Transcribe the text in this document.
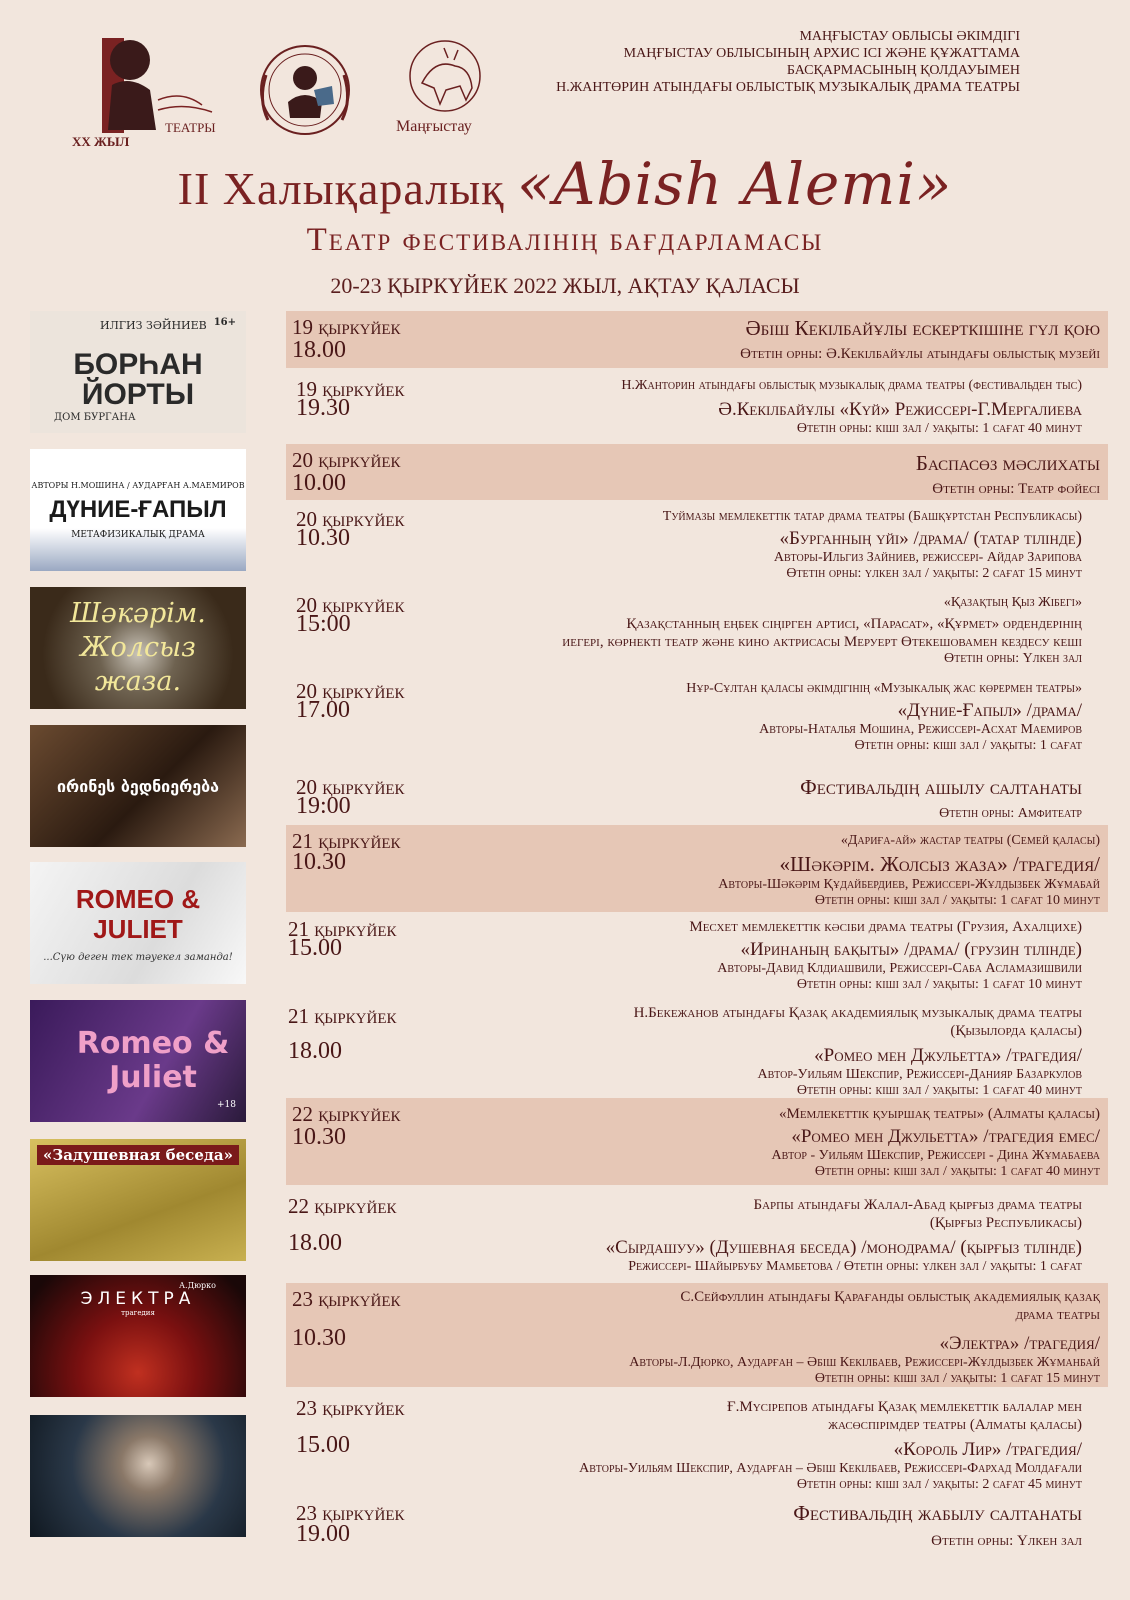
МАҢҒЫСТАУ ОБЛЫСЫ ӘКІМДІГІ
МАҢҒЫСТАУ ОБЛЫСЫНЫҢ АРХИС ІСІ ЖӘНЕ ҚҰЖАТТАМА
БАСҚАРМАСЫНЫҢ ҚОЛДАУЫМЕН
Н.ЖАНТӨРИН АТЫНДАҒЫ ОБЛЫСТЫҚ МУЗЫКАЛЫҚ ДРАМА ТЕАТРЫ
XX ЖЫЛ
ТЕАТРЫ	Маңғыстау
II Халықаралық «Abish Alemi»
Театр фестивалінің бағдарламасы
20-23 ҚЫРКҮЙЕК 2022 ЖЫЛ, АҚТАУ ҚАЛАСЫ
ИЛГИЗ ЗӘЙНИЕВ 16+
БОРҺАН ЙОРТЫ
ДОМ БУРГАНА
АВТОРЫ Н.МОШИНА / АУДАРҒАН А.МАЕМИРОВ
ДҮНИЕ-ҒАПЫЛ
МЕТАФИЗИКАЛЫҚ ДРАМА
Шәкәрім. Жолсыз жаза.
ირინეს ბედნიერება
ROMEO & JULIET
...Сүю деген тек тәуекел заманда!
Romeo & Juliet
+18
«Задушевная беседа»
А.Дюрко
ЭЛЕКТРА
трагедия
19 қыркүйек
18.00
Әбіш Кекілбайұлы ескерткішіне гүл қою
Өтетін орны: Ә.Кекілбайұлы атындағы облыстық музейі
19 қыркүйек
19.30
Н.Жанторин атындағы облыстық музыкалық драма театры (фестивальден тыс)
Ә.Кекілбайұлы «Күй» Режиссері-Г.Мергалиева
Өтетін орны: кіші зал / уақыты: 1 сағат 40 минут
20 қыркүйек
10.00
Баспасөз мәслихаты
Өтетін орны: Театр фойесі
20 қыркүйек
10.30
Туймазы мемлекеттік татар драма театры (Башқұртстан Республикасы)
«Бурганның үйі» /драма/ (татар тілінде)
Авторы-Ильгиз Зайниев, режиссері- Айдар Зарипова
Өтетін орны: үлкен зал / уақыты: 2 сағат 15 минут
20 қыркүйек
15:00
«Қазақтың Қыз Жібегі»
Қазақстанның еңбек сіңірген артисі, «Парасат», «Құрмет» ордендерінің
иегері, көрнекті театр және кино актрисасы Меруерт Өтекешовамен кездесу кеші
Өтетін орны: Үлкен зал
20 қыркүйек
17.00
Нұр-Сұлтан қаласы әкімдігінің «Музыкалық жас көрермен театры»
«Дүние-Ғапыл» /драма/
Авторы-Наталья Мошина, Режиссері-Асхат Маемиров
Өтетін орны: кіші зал / уақыты: 1 сағат
20 қыркүйек
19:00
Фестивальдің ашылу салтанаты
Өтетін орны: Амфитеатр
21 қыркүйек
10.30
«Дариға-ай» жастар театры (Семей қаласы)
«Шәкәрім. Жолсыз жаза» /трагедия/
Авторы-Шәкәрім Құдайбердиев, Режиссері-Жұлдызбек Жұмабай
Өтетін орны: кіші зал / уақыты: 1 сағат 10 минут
21 қыркүйек
15.00
Месхет мемлекеттік кәсіби драма театры (Грузия, Ахалцихе)
«Иринаның бақыты» /драма/ (грузин тілінде)
Авторы-Давид Клдиашвили, Режиссері-Саба Асламазишвили
Өтетін орны: кіші зал / уақыты: 1 сағат 10 минут
21 қыркүйек
18.00
Н.Бекежанов атындағы Қазақ академиялық музыкалық драма театры
(Қызылорда қаласы)
«Ромео мен Джульетта» /трагедия/
Автор-Уильям Шекспир, Режиссері-Данияр Базаркулов
Өтетін орны: кіші зал / уақыты: 1 сағат 40 минут
22 қыркүйек
10.30
«Мемлекеттік қуыршақ театры» (Алматы қаласы)
«Ромео мен Джульетта» /трагедия емес/
Автор - Уильям Шекспир, Режиссері - Дина Жұмабаева
Өтетін орны: кіші зал / уақыты: 1 сағат 40 минут
22 қыркүйек
18.00
Барпы атындағы Жалал-Абад қырғыз драма театры
(Қырғыз Республикасы)
«Сырдашуу» (Душевная беседа) /монодрама/ (қырғыз тілінде)
Режиссері- Шайырбубу Мамбетова / Өтетін орны: үлкен зал / уақыты: 1 сағат
23 қыркүйек
10.30
С.Сейфуллин атындағы Қарағанды облыстық академиялық қазақ
драма театры
«Электра» /трагедия/
Авторы-Л.Дюрко, Аударған – Әбіш Кекілбаев, Режиссері-Жұлдызбек Жұманбай
Өтетін орны: кіші зал / уақыты: 1 сағат 15 минут
23 қыркүйек
15.00
Ғ.Мүсірепов атындағы Қазақ мемлекеттік балалар мен
жасөспірімдер театры (Алматы қаласы)
«Король Лир» /трагедия/
Авторы-Уильям Шекспир, Аударған – Әбіш Кекілбаев, Режиссері-Фархад Молдағали
Өтетін орны: кіші зал / уақыты: 2 сағат 45 минут
23 қыркүйек
19.00
Фестивальдің жабылу салтанаты
Өтетін орны: Үлкен зал
